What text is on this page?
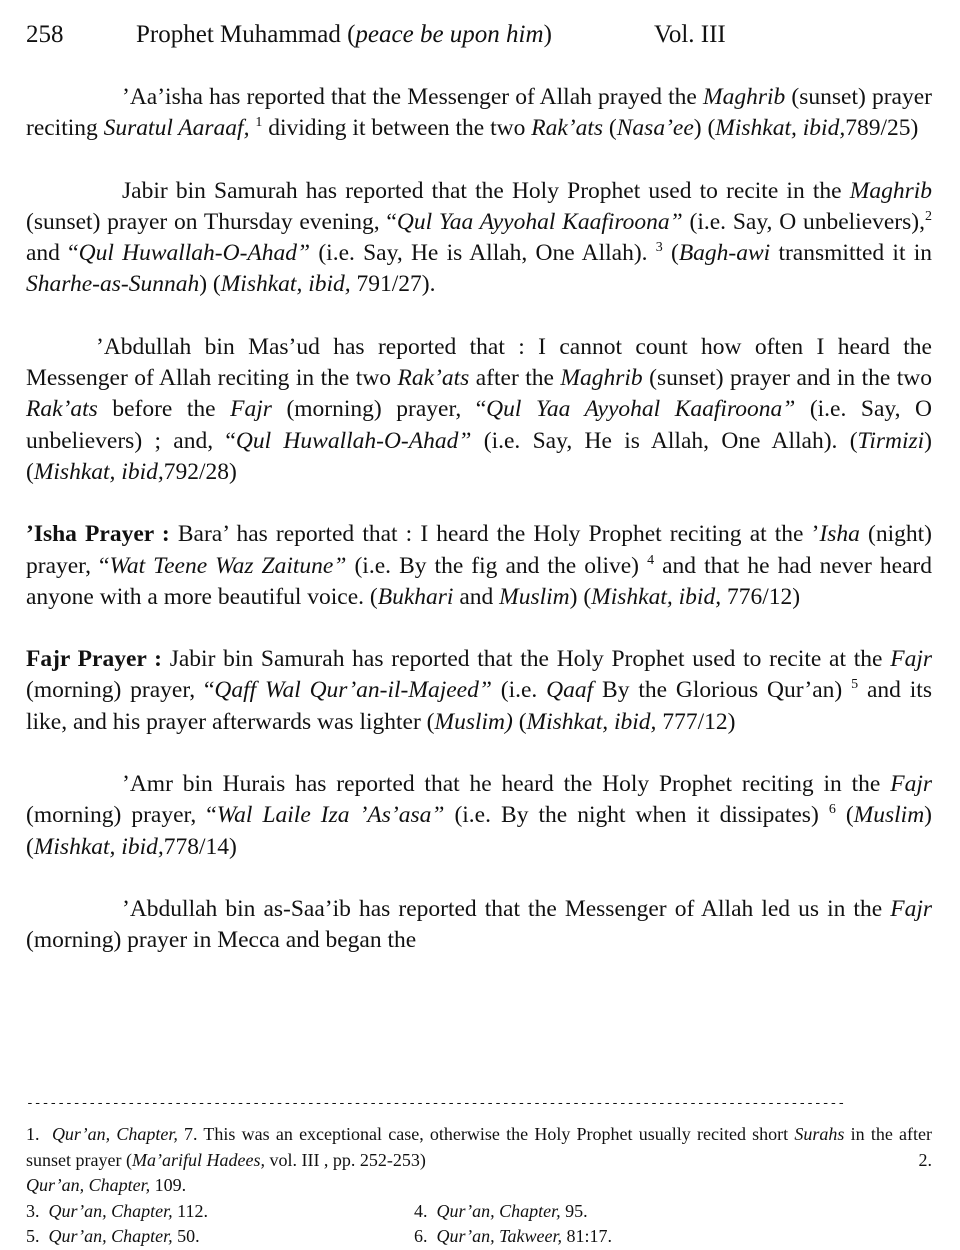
258	Prophet Muhammad (peace be upon him)	Vol. III

’Aa’isha has reported that the Messenger of Allah prayed the Maghrib (sunset) prayer reciting Suratul Aaraaf, $^1$ dividing it between the two Rak’ats (Nasa’ee) (Mishkat, ibid,789/25)

Jabir bin Samurah has reported that the Holy Prophet used to recite in the Maghrib (sunset) prayer on Thursday evening, “Qul Yaa Ayyohal Kaafiroona” (i.e. Say, O unbelievers),$^2$ and “Qul Huwallah-O-Ahad” (i.e. Say, He is Allah, One Allah). $^3$ (Bagh-awi transmitted it in Sharhe-as-Sunnah) (Mishkat, ibid, 791/27).

’Abdullah bin Mas’ud has reported that : I cannot count how often I heard the Messenger of Allah reciting in the two Rak’ats after the Maghrib (sunset) prayer and in the two Rak’ats before the Fajr (morning) prayer, “Qul Yaa Ayyohal Kaafiroona” (i.e. Say, O unbelievers) ; and, “Qul Huwallah-O-Ahad” (i.e. Say, He is Allah, One Allah). (Tirmizi) (Mishkat, ibid,792/28)

’Isha Prayer : Bara’ has reported that : I heard the Holy Prophet reciting at the ’Isha (night) prayer, “Wat Teene Waz Zaitune” (i.e. By the fig and the olive) $^4$ and that he had never heard anyone with a more beautiful voice. (Bukhari and Muslim) (Mishkat, ibid, 776/12)

Fajr Prayer : Jabir bin Samurah has reported that the Holy Prophet used to recite at the Fajr (morning) prayer, “Qaff Wal Qur’an-il-Majeed” (i.e. Qaaf By the Glorious Qur’an) $^5$ and its like, and his prayer afterwards was lighter (Muslim) (Mishkat, ibid, 777/12)

’Amr bin Hurais has reported that he heard the Holy Prophet reciting in the Fajr (morning) prayer, “Wal Laile Iza ’As’asa” (i.e. By the night when it dissipates) $^6$ (Muslim) (Mishkat, ibid,778/14)

’Abdullah bin as-Saa’ib has reported that the Messenger of Allah led us in the Fajr (morning) prayer in Mecca and began the

---------------------------------------------------------------------------------------------------------
1. Qur’an, Chapter, 7. This was an exceptional case, otherwise the Holy Prophet usually recited short Surahs in the after sunset prayer (Ma’ariful Hadees, vol. III , pp. 252-253)	2.
Qur’an, Chapter, 109.
3. Qur’an, Chapter, 112.	4. Qur’an, Chapter, 95.
5. Qur’an, Chapter, 50.	6. Qur’an, Takweer, 81:17.
